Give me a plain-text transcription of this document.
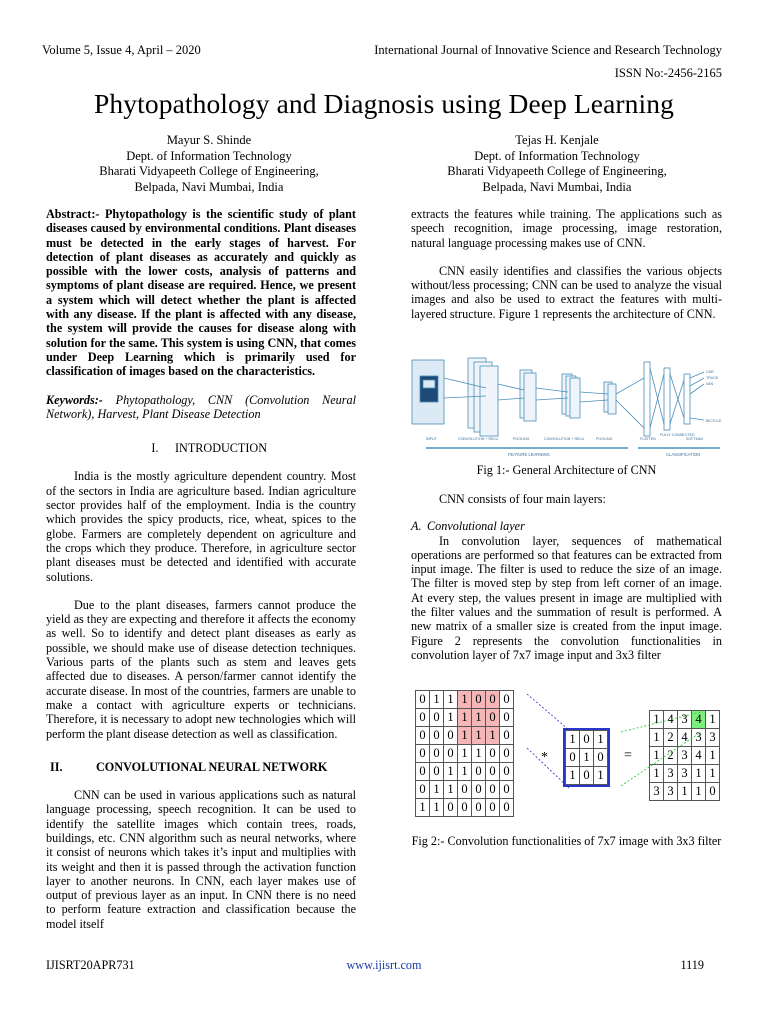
Volume 5, Issue 4, April – 2020	International Journal of Innovative Science and Research Technology
ISSN No:-2456-2165
Phytopathology and Diagnosis using Deep Learning
Mayur S. Shinde
Dept. of Information Technology
Bharati Vidyapeeth College of Engineering,
Belpada, Navi Mumbai, India
Tejas H. Kenjale
Dept. of Information Technology
Bharati Vidyapeeth College of Engineering,
Belpada, Navi Mumbai, India
Abstract:- Phytopathology is the scientific study of plant diseases caused by environmental conditions. Plant diseases must be detected in the early stages of harvest. For detection of plant diseases as accurately and quickly as possible with the lower costs, analysis of patterns and symptoms of plant disease are required. Hence, we present a system which will detect whether the plant is affected with any disease. If the plant is affected with any disease, the system will provide the causes for disease along with solution for the same. This system is using CNN, that comes under Deep Learning which is primarily used for classification of images based on the characteristics.
Keywords:- Phytopathology, CNN (Convolution Neural Network), Harvest, Plant Disease Detection
I. INTRODUCTION

India is the mostly agriculture dependent country. Most of the sectors in India are agriculture based. Indian agriculture sector provides half of the employment. India is the country which provides the spicy products, rice, wheat, spices to the globe. Farmers are completely dependent on agriculture and the crops which they produce. Therefore, in agriculture sector plant diseases must be detected and identified with accurate solutions.

Due to the plant diseases, farmers cannot produce the yield as they are expecting and therefore it affects the economy as well. So to identify and detect plant diseases as early as possible, we should make use of disease detection techniques. Various parts of the plants such as stem and leaves gets affected due to diseases. A person/farmer cannot identify the accurate disease. In most of the countries, farmers are unable to make a contact with agriculture experts or technicians. Therefore, it is necessary to adopt new technologies which will perform the plant disease detection as well as classification.

II.	CONVOLUTIONAL NEURAL NETWORK

CNN can be used in various applications such as natural language processing, speech recognition. It can be used to identify the satellite images which contain trees, roads, buildings, etc. CNN algorithm such as neural networks, where it consist of neurons which takes it’s input and multiplies with its weight and then it is passed through the activation function layer to another neurons. In CNN, each layer makes use of output of previous layer as an input. In CNN there is no need to perform feature extraction and classification because the model itself

extracts the features while training. The applications such as speech recognition, image processing, image restoration, natural language processing makes use of CNN.

CNN easily identifies and classifies the various objects without/less processing; CNN can be used to analyze the visual images and also be used to extract the features with multi-layered structure. Figure 1 represents the architecture of CNN.

INPUT	CONVOLUTION + RELU	POOLING	CONVOLUTION + RELU	POOLING	FLATTEN
FULLY CONNECTED
SOFTMAX
FEATURE LEARNING	CLASSIFICATION
CAR
TRUCK
VAN
BICYCLE
Fig 1:- General Architecture of CNN

CNN consists of four main layers:

A. Convolutional layer

In convolution layer, sequences of mathematical operations are performed so that features can be extracted from input image. The filter is used to reduce the size of an image. The filter is moved step by step from left corner of an image. At every step, the values present in image are multiplied with the filter values and the summation of result is performed. A new matrix of a smaller size is created from the input image. Figure 2 represents the convolution functionalities in convolution layer of 7x7 image input and 3x3 filter

0	1	1	1	0	0	0
0	0	1	1	1	0	0
0	0	0	1	1	1	0
0	0	0	1	1	0	0
0	0	1	1	0	0	0
0	1	1	0	0	0	0
1	1	0	0	0	0	0
*
1	0	1
0	1	0
1	0	1
=
1	4	3	4	1
1	2	4	3	3
1	2	3	4	1
1	3	3	1	1
3	3	1	1	0
Fig 2:- Convolution functionalities of 7x7 image with 3x3 filter
IJISRT20APR731	www.ijisrt.com	1119
